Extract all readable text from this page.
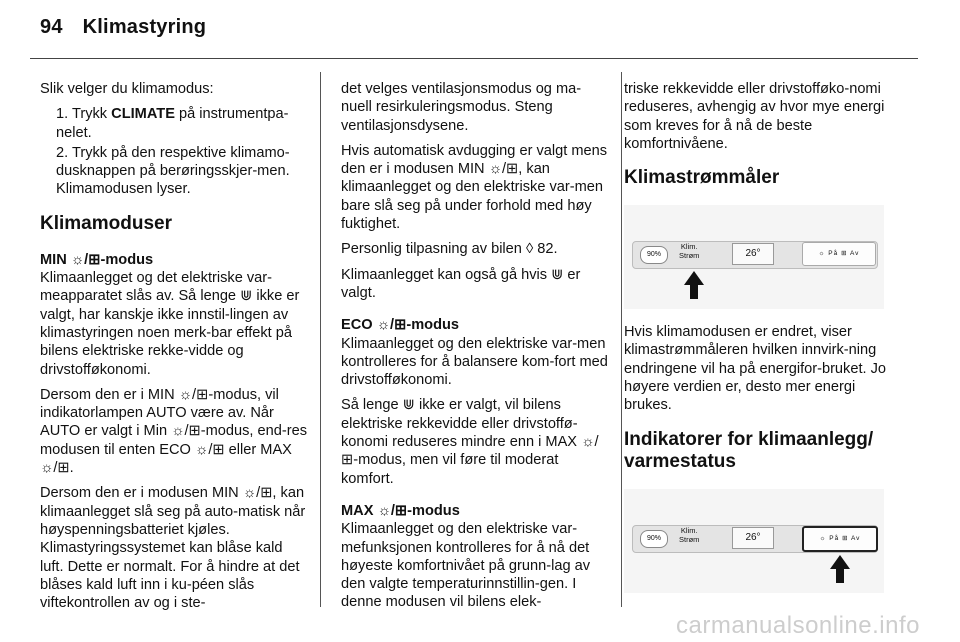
94 Klimastyring

Slik velger du klimamodus:

1. Trykk CLIMATE på instrumentpa-nelet.
2. Trykk på den respektive klimamo-dusknappen på berøringsskjer-men. Klimamodusen lyser.
Klimamoduser
MIN ☼/⊞-modus

Klimaanlegget og det elektriske var-meapparatet slås av. Så lenge ⋓ ikke er valgt, har kanskje ikke innstil-lingen av klimastyringen noen merk-bar effekt på bilens elektriske rekke-vidde og drivstofføkonomi.

Dersom den er i MIN ☼/⊞-modus, vil indikatorlampen AUTO være av. Når AUTO er valgt i Min ☼/⊞-modus, end-res modusen til enten ECO ☼/⊞ eller MAX ☼/⊞.

Dersom den er i modusen MIN ☼/⊞, kan klimaanlegget slå seg på auto-matisk når høyspenningsbatteriet kjøles. Klimastyringssystemet kan blåse kald luft. Dette er normalt. For å hindre at det blåses kald luft inn i ku-péen slås viftekontrollen av og i ste-

det velges ventilasjonsmodus og ma-nuell resirkuleringsmodus. Steng ventilasjonsdysene.

Hvis automatisk avdugging er valgt mens den er i modusen MIN ☼/⊞, kan klimaanlegget og den elektriske var-men bare slå seg på under forhold med høy fuktighet.

Personlig tilpasning av bilen ◊ 82.

Klimaanlegget kan også gå hvis ⋓ er valgt.

ECO ☼/⊞-modus

Klimaanlegget og den elektriske var-men kontrolleres for å balansere kom-fort med drivstofføkonomi.

Så lenge ⋓ ikke er valgt, vil bilens elektriske rekkevidde eller drivstoffø-konomi reduseres mindre enn i MAX ☼/⊞-modus, men vil føre til moderat komfort.

MAX ☼/⊞-modus

Klimaanlegget og den elektriske var-mefunksjonen kontrolleres for å nå det høyeste komfortnivået på grunn-lag av den valgte temperaturinnstillin-gen. I denne modusen vil bilens elek-

triske rekkevidde eller drivstofføko-nomi reduseres, avhengig av hvor mye energi som kreves for å nå de beste komfortnivåene.

Klimastrømmåler
90%
Klim.
Strøm	26°	☼ På ⊞ Av

Hvis klimamodusen er endret, viser klimastrømmåleren hvilken innvirk-ning endringene vil ha på energifor-bruket. Jo høyere verdien er, desto mer energi brukes.

Indikatorer for klimaanlegg/ varmestatus
90%
Klim.
Strøm	26°	☼ På ⊞ Av
carmanualsonline.info
